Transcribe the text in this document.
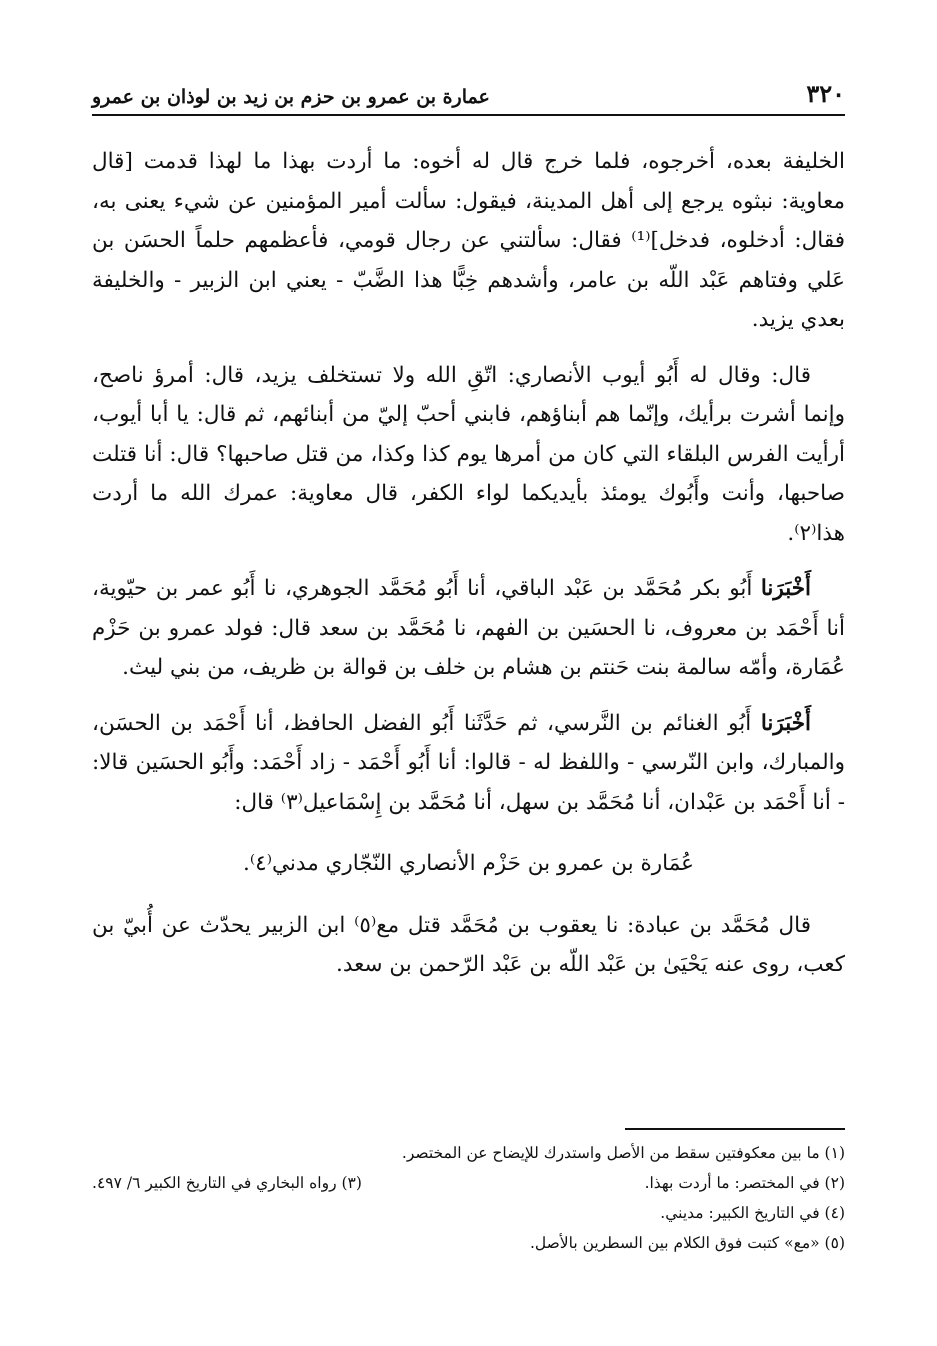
٣٢٠
عمارة بن عمرو بن حزم بن زيد بن لوذان بن عمرو

الخليفة بعده، أخرجوه، فلما خرج قال له أخوه: ما أردت بهذا ما لهذا قدمت [قال معاوية: نبثوه يرجع إلى أهل المدينة، فيقول: سألت أمير المؤمنين عن شيء يعنى به، فقال: أدخلوه، فدخل]⁽¹⁾ فقال: سألتني عن رجال قومي، فأعظمهم حلماً الحسَن بن عَلي وفتاهم عَبْد اللّه بن عامر، وأشدهم خِبًّا هذا الضَّبّ - يعني ابن الزبير - والخليفة بعدي يزيد.

قال: وقال له أَبُو أيوب الأنصاري: اتّقِ الله ولا تستخلف يزيد، قال: أمرؤ ناصح، وإنما أشرت برأيك، وإنّما هم أبناؤهم، فابني أحبّ إليّ من أبنائهم، ثم قال: يا أبا أيوب، أرأيت الفرس البلقاء التي كان من أمرها يوم كذا وكذا، من قتل صاحبها؟ قال: أنا قتلت صاحبها، وأنت وأَبُوك يومئذ بأيديكما لواء الكفر، قال معاوية: عمرك الله ما أردت هذا⁽٢⁾.

أَخْبَرَنا أَبُو بكر مُحَمَّد بن عَبْد الباقي، أنا أَبُو مُحَمَّد الجوهري، نا أَبُو عمر بن حيّوية، أنا أَحْمَد بن معروف، نا الحسَين بن الفهم، نا مُحَمَّد بن سعد قال: فولد عمرو بن حَزْم عُمَارة، وأمّه سالمة بنت حَنتم بن هشام بن خلف بن قوالة بن ظريف، من بني ليث.

أَخْبَرَنا أَبُو الغنائم بن النَّرسي، ثم حَدَّثَنا أَبُو الفضل الحافظ، أنا أَحْمَد بن الحسَن، والمبارك، وابن النّرسي - واللفظ له - قالوا: أنا أَبُو أَحْمَد - زاد أَحْمَد: وأَبُو الحسَين قالا: - أنا أَحْمَد بن عَبْدان، أنا مُحَمَّد بن سهل، أنا مُحَمَّد بن إِسْمَاعيل⁽٣⁾ قال:

عُمَارة بن عمرو بن حَزْم الأنصاري النّجّاري مدني⁽٤⁾.

قال مُحَمَّد بن عبادة: نا يعقوب بن مُحَمَّد قتل مع⁽٥⁾ ابن الزبير يحدّث عن أُبيّ بن كعب، روى عنه يَحْيَىٰ بن عَبْد اللّه بن عَبْد الرّحمن بن سعد.

(١) ما بين معكوفتين سقط من الأصل واستدرك للإيضاح عن المختصر.
(٢) في المختصر: ما أردت بهذا.
(٣) رواه البخاري في التاريخ الكبير ٦/ ٤٩٧.
(٤) في التاريخ الكبير: مديني.
(٥) «مع» كتبت فوق الكلام بين السطرين بالأصل.
